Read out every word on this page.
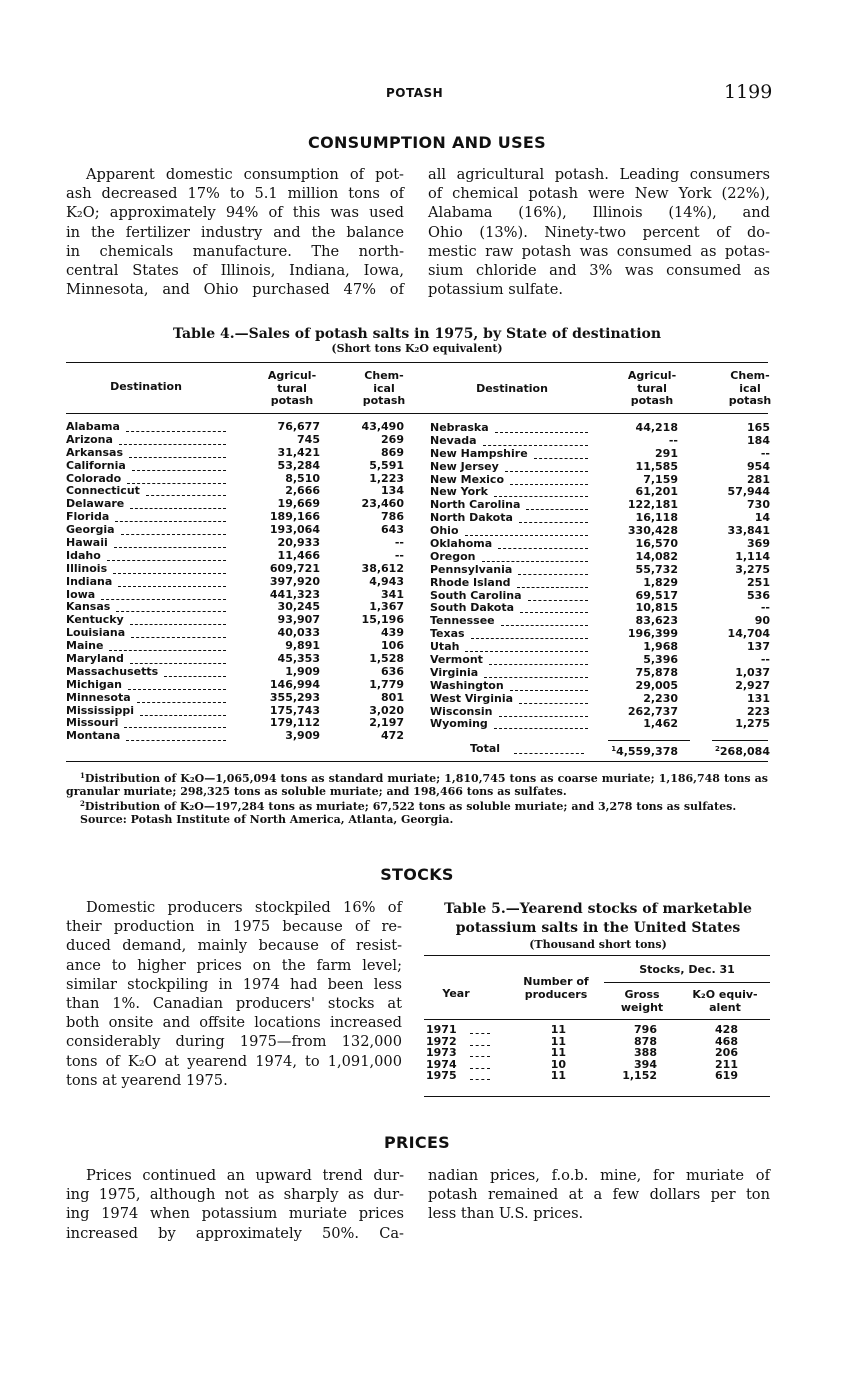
POTASH	1199
CONSUMPTION AND USES
Apparent domestic consumption of pot-
ash decreased 17% to 5.1 million tons of
K₂O; approximately 94% of this was used
in the fertilizer industry and the balance
in chemicals manufacture. The north-
central States of Illinois, Indiana, Iowa,
Minnesota, and Ohio purchased 47% of
all agricultural potash. Leading consumers
of chemical potash were New York (22%),
Alabama (16%), Illinois (14%), and
Ohio (13%). Ninety-two percent of do-
mestic raw potash was consumed as potas-
sium chloride and 3% was consumed as
potassium sulfate.
Table 4.—Sales of potash salts in 1975, by State of destination
(Short tons K₂O equivalent)
Destination
Agricul-
tural
potash
Chem-
ical
potash
Destination
Agricul-
tural
potash
Chem-
ical
potash
Alabama	76,677	43,490
Arizona	745	269
Arkansas	31,421	869
California	53,284	5,591
Colorado	8,510	1,223
Connecticut	2,666	134
Delaware	19,669	23,460
Florida	189,166	786
Georgia	193,064	643
Hawaii	20,933	--
Idaho	11,466	--
Illinois	609,721	38,612
Indiana	397,920	4,943
Iowa	441,323	341
Kansas	30,245	1,367
Kentucky	93,907	15,196
Louisiana	40,033	439
Maine	9,891	106
Maryland	45,353	1,528
Massachusetts	1,909	636
Michigan	146,994	1,779
Minnesota	355,293	801
Mississippi	175,743	3,020
Missouri	179,112	2,197
Montana	3,909	472
Nebraska	44,218	165
Nevada	--	184
New Hampshire	291	--
New Jersey	11,585	954
New Mexico	7,159	281
New York	61,201	57,944
North Carolina	122,181	730
North Dakota	16,118	14
Ohio	330,428	33,841
Oklahoma	16,570	369
Oregon	14,082	1,114
Pennsylvania	55,732	3,275
Rhode Island	1,829	251
South Carolina	69,517	536
South Dakota	10,815	--
Tennessee	83,623	90
Texas	196,399	14,704
Utah	1,968	137
Vermont	5,396	--
Virginia	75,878	1,037
Washington	29,005	2,927
West Virginia	2,230	131
Wisconsin	262,737	223
Wyoming	1,462	1,275
Total	$^1$4,559,378	$^2$268,084

$^1$Distribution of K₂O—1,065,094 tons as standard muriate; 1,810,745 tons as coarse muriate; 1,186,748 tons as granular muriate; 298,325 tons as soluble muriate; and 198,466 tons as sulfates.

$^2$Distribution of K₂O—197,284 tons as muriate; 67,522 tons as soluble muriate; and 3,278 tons as sulfates.

Source: Potash Institute of North America, Atlanta, Georgia.

STOCKS
Domestic producers stockpiled 16% of
their production in 1975 because of re-
duced demand, mainly because of resist-
ance to higher prices on the farm level;
similar stockpiling in 1974 had been less
than 1%. Canadian producers' stocks at
both onsite and offsite locations increased
considerably during 1975—from 132,000
tons of K₂O at yearend 1974, to 1,091,000
tons at yearend 1975.
Table 5.—Yearend stocks of marketable
potassium salts in the United States
(Thousand short tons)
Year
Number of
producers
Stocks, Dec. 31
Gross
weight
K₂O equiv-
alent
1971	11	796	428
1972	11	878	468
1973	11	388	206
1974	10	394	211
1975	11	1,152	619
PRICES
Prices continued an upward trend dur-
ing 1975, although not as sharply as dur-
ing 1974 when potassium muriate prices
increased by approximately 50%. Ca-
nadian prices, f.o.b. mine, for muriate of
potash remained at a few dollars per ton
less than U.S. prices.
